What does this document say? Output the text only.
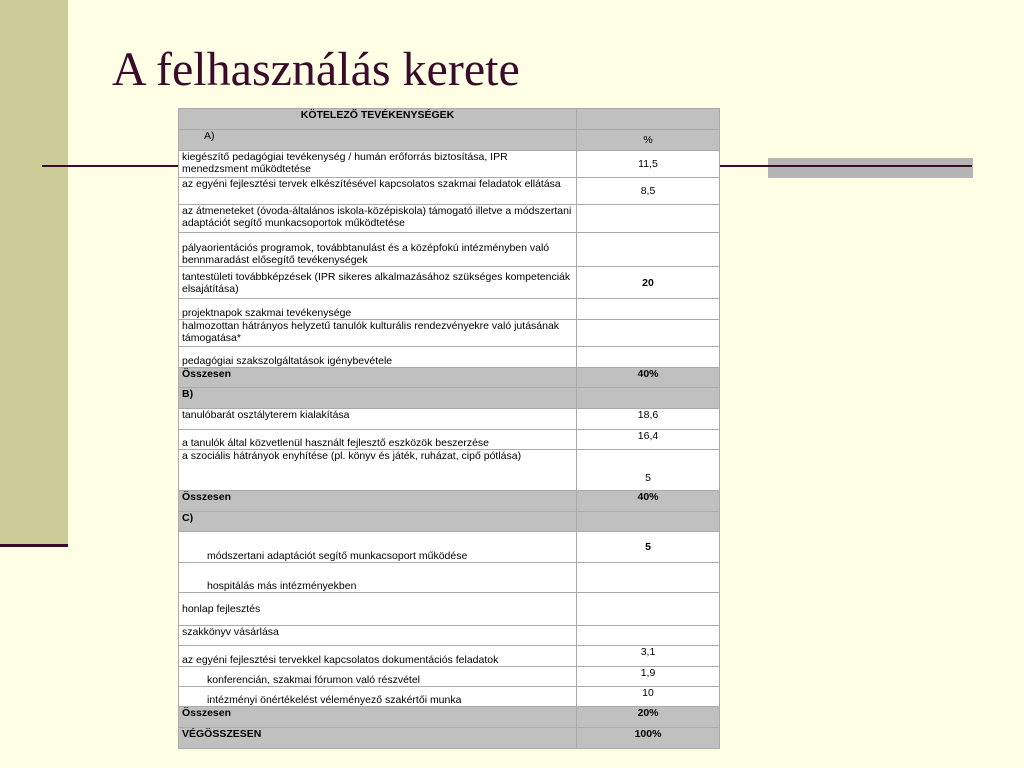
A felhasználás kerete
KÖTELEZŐ TEVÉKENYSÉGEK	
A)	%
kiegészítő pedagógiai tevékenység / humán erőforrás biztosítása, IPR menedzsment működtetése	11,5
az egyéni fejlesztési tervek elkészítésével kapcsolatos szakmai feladatok ellátása	8,5
az átmeneteket (óvoda-általános iskola-középiskola) támogató illetve a módszertani adaptációt segítő munkacsoportok működtetése	
pályaorientációs programok, továbbtanulást és a középfokú intézményben való bennmaradást elősegítő tevékenységek	
tantestületi továbbképzések (IPR sikeres alkalmazásához szükséges kompetenciák elsajátítása)	20
projektnapok szakmai tevékenysége	
halmozottan hátrányos helyzetű tanulók kulturális rendezvényekre való jutásának támogatása*	
pedagógiai szakszolgáltatások igénybevétele	
Összesen	40%
B)	
tanulóbarát osztályterem kialakítása	18,6
a tanulók által közvetlenül használt fejlesztő eszközök beszerzése	16,4
a szociális hátrányok enyhítése (pl. könyv és játék, ruházat, cipő pótlása)	5
Összesen	40%
C)	
módszertani adaptációt segítő munkacsoport működése	5
hospitálás más intézményekben	
honlap fejlesztés	
szakkönyv vásárlása	
az egyéni fejlesztési tervekkel kapcsolatos dokumentációs feladatok	3,1
konferencián, szakmai fórumon való részvétel	1,9
intézményi önértékelést véleményező szakértői munka	10
Összesen	20%
VÉGÖSSZESEN	100%
